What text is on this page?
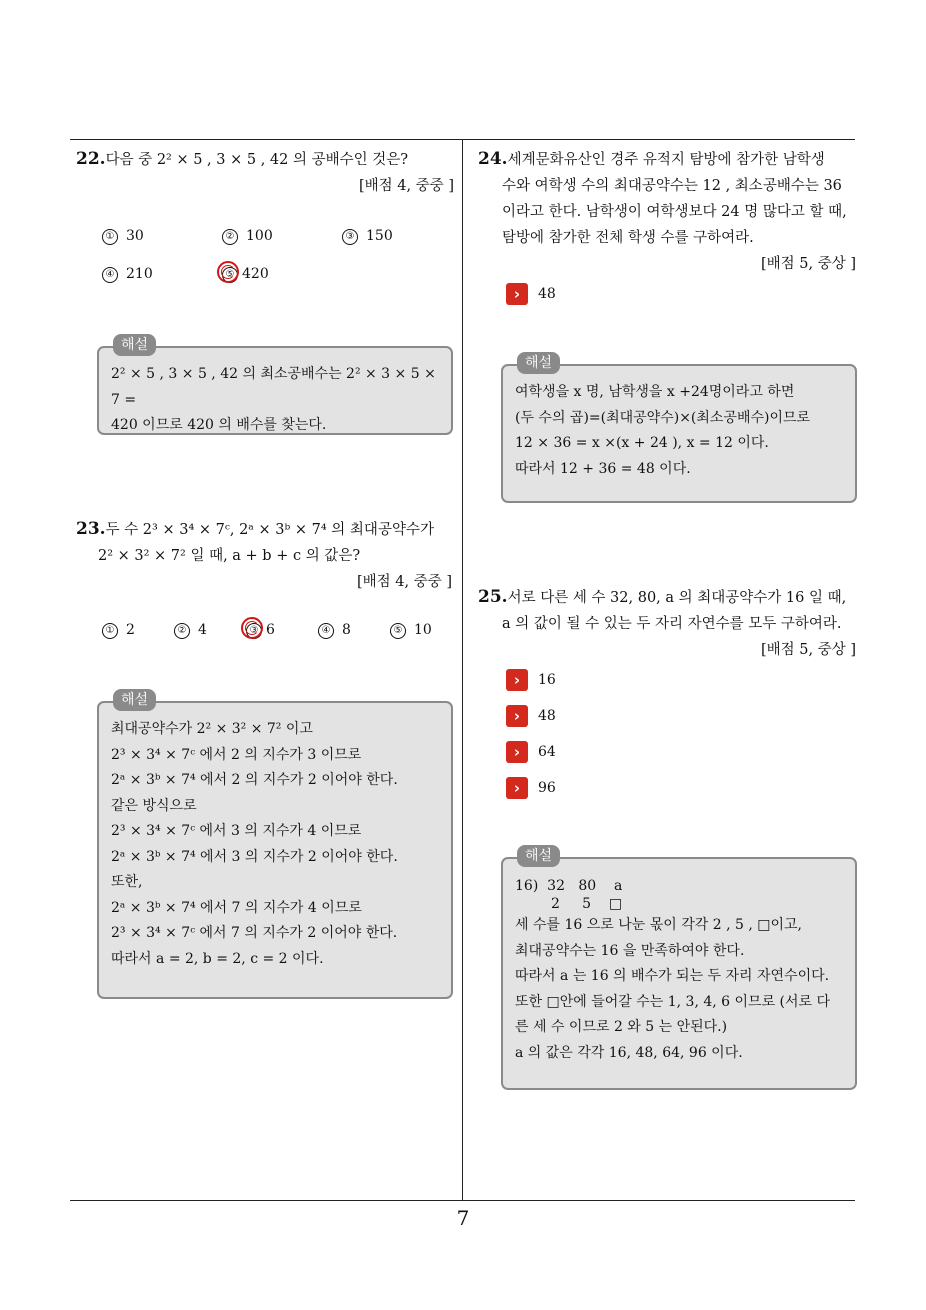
22.다음 중 2² × 5 , 3 × 5 , 42 의 공배수인 것은?
[배점 4, 중중 ]
① 30	② 100	③ 150
④ 210	⑤ 420
해설
2² × 5 , 3 × 5 , 42 의 최소공배수는 2² × 3 × 5 × 7 =
420 이므로 420 의 배수를 찾는다.
23.두 수 2³ × 3⁴ × 7ᶜ, 2ᵃ × 3ᵇ × 7⁴ 의 최대공약수가
2² × 3² × 7² 일 때, a + b + c 의 값은?
[배점 4, 중중 ]
① 2	② 4	③ 6	④ 8	⑤ 10
해설
최대공약수가 2² × 3² × 7² 이고
2³ × 3⁴ × 7ᶜ 에서 2 의 지수가 3 이므로
2ᵃ × 3ᵇ × 7⁴ 에서 2 의 지수가 2 이어야 한다.
같은 방식으로
2³ × 3⁴ × 7ᶜ 에서 3 의 지수가 4 이므로
2ᵃ × 3ᵇ × 7⁴ 에서 3 의 지수가 2 이어야 한다.
또한,
2ᵃ × 3ᵇ × 7⁴ 에서 7 의 지수가 4 이므로
2³ × 3⁴ × 7ᶜ 에서 7 의 지수가 2 이어야 한다.
따라서 a = 2, b = 2, c = 2 이다.
24.세계문화유산인 경주 유적지 탐방에 참가한 남학생
수와 여학생 수의 최대공약수는 12 , 최소공배수는 36
이라고 한다. 남학생이 여학생보다 24 명 많다고 할 때,
탐방에 참가한 전체 학생 수를 구하여라.
[배점 5, 중상 ]
› 48
해설
여학생을 x 명, 남학생을 x +24명이라고 하면
(두 수의 곱)=(최대공약수)×(최소공배수)이므로
12 × 36 = x ×(x + 24 ), x = 12 이다.
따라서 12 + 36 = 48 이다.
25.서로 다른 세 수 32, 80, a 의 최대공약수가 16 일 때,
a 의 값이 될 수 있는 두 자리 자연수를 모두 구하여라.
[배점 5, 중상 ]
› 16
› 48
› 64
› 96
해설
16)  32   80    a
2     5    □
세 수를 16 으로 나눈 몫이 각각 2 , 5 , □이고,
최대공약수는 16 을 만족하여야 한다.
따라서 a 는 16 의 배수가 되는 두 자리 자연수이다.
또한 □안에 들어갈 수는 1, 3, 4, 6 이므로 (서로 다
른 세 수 이므로 2 와 5 는 안된다.)
a 의 값은 각각 16, 48, 64, 96 이다.
7
